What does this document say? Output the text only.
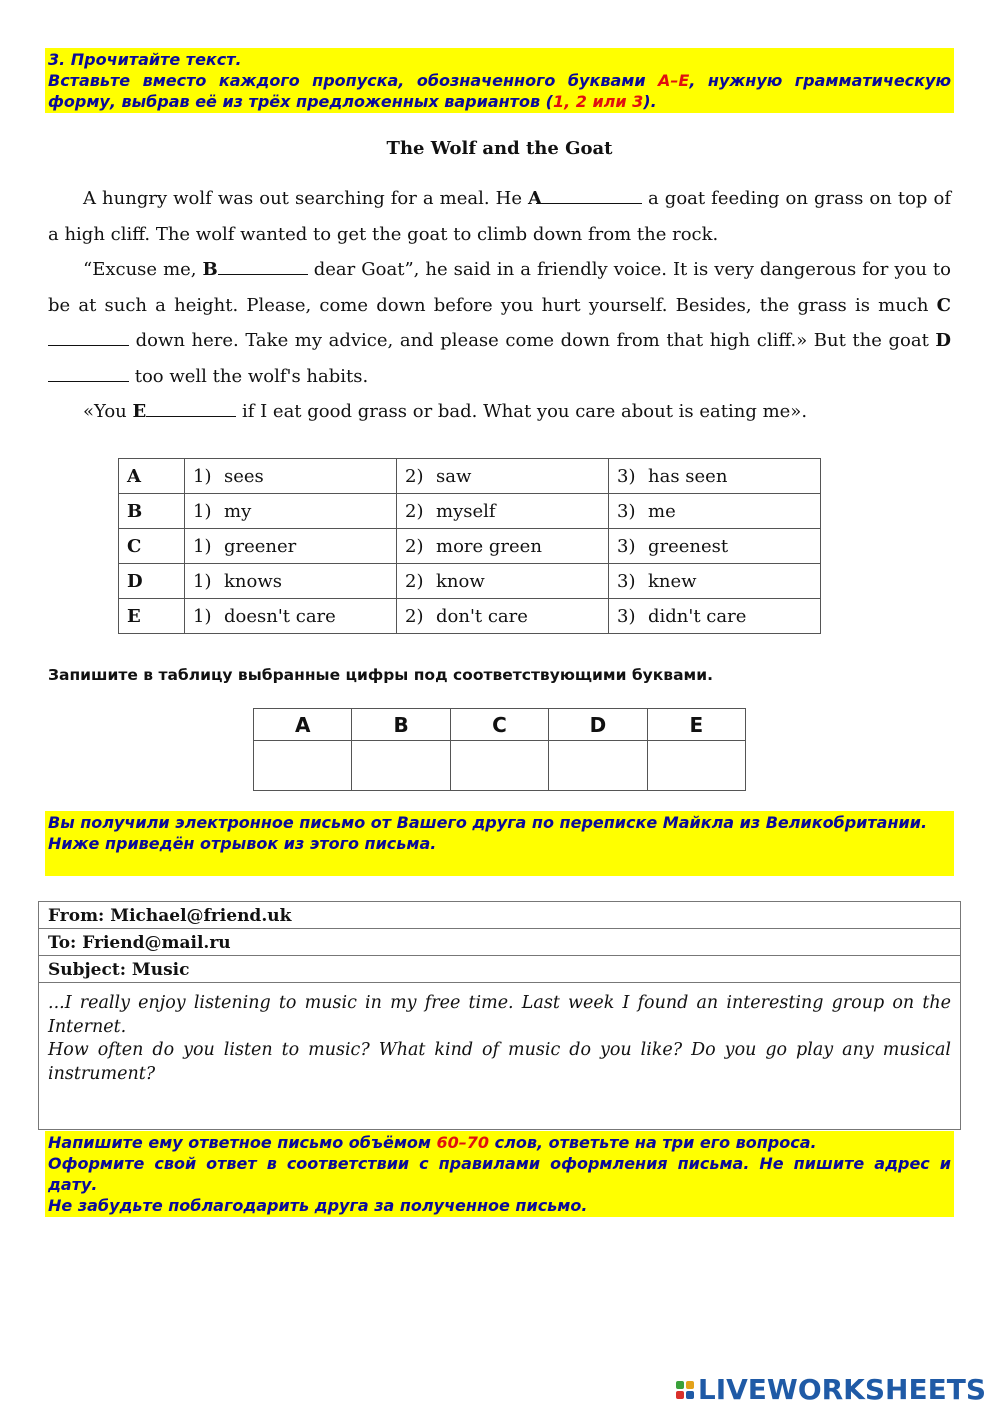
3. Прочитайте текст.
Вставьте вместо каждого пропуска, обозначенного буквами А–Е, нужную грамматическую форму, выбрав её из трёх предложенных вариантов (1, 2 или 3).
The Wolf and the Goat

A hungry wolf was out searching for a meal. He A	a goat feeding on grass on top of a high cliff. The wolf wanted to get the goat to climb down from the rock.

“Excuse me, B	dear Goat”, he said in a friendly voice. It is very dangerous for you to be at such a height. Please, come down before you hurt yourself. Besides, the grass is much C down here. Take my advice, and please come down from that high cliff.» But the goat D too well the wolf's habits.

«You E	if I eat good grass or bad. What you care about is eating me».

A	1) sees	2) saw	3) has seen
B	1) my	2) myself	3) me
C	1) greener	2) more green	3) greenest
D	1) knows	2) know	3) knew
E	1) doesn't care	2) don't care	3) didn't care
Запишите в таблицу выбранные цифры под соответствующими буквами.
A	B	C	D	E

Вы получили электронное письмо от Вашего друга по переписке Майкла из Великобритании.
Ниже приведён отрывок из этого письма.
From: Michael@friend.uk
To: Friend@mail.ru
Subject: Music

...I really enjoy listening to music in my free time. Last week I found an interesting group on the Internet.

How often do you listen to music? What kind of music do you like? Do you go play any musical instrument?

Напишите ему ответное письмо объёмом 60–70 слов, ответьте на три его вопроса.
Оформите свой ответ в соответствии с правилами оформления письма. Не пишите адрес и дату.
Не забудьте поблагодарить друга за полученное письмо.
LIVEWORKSHEETS
